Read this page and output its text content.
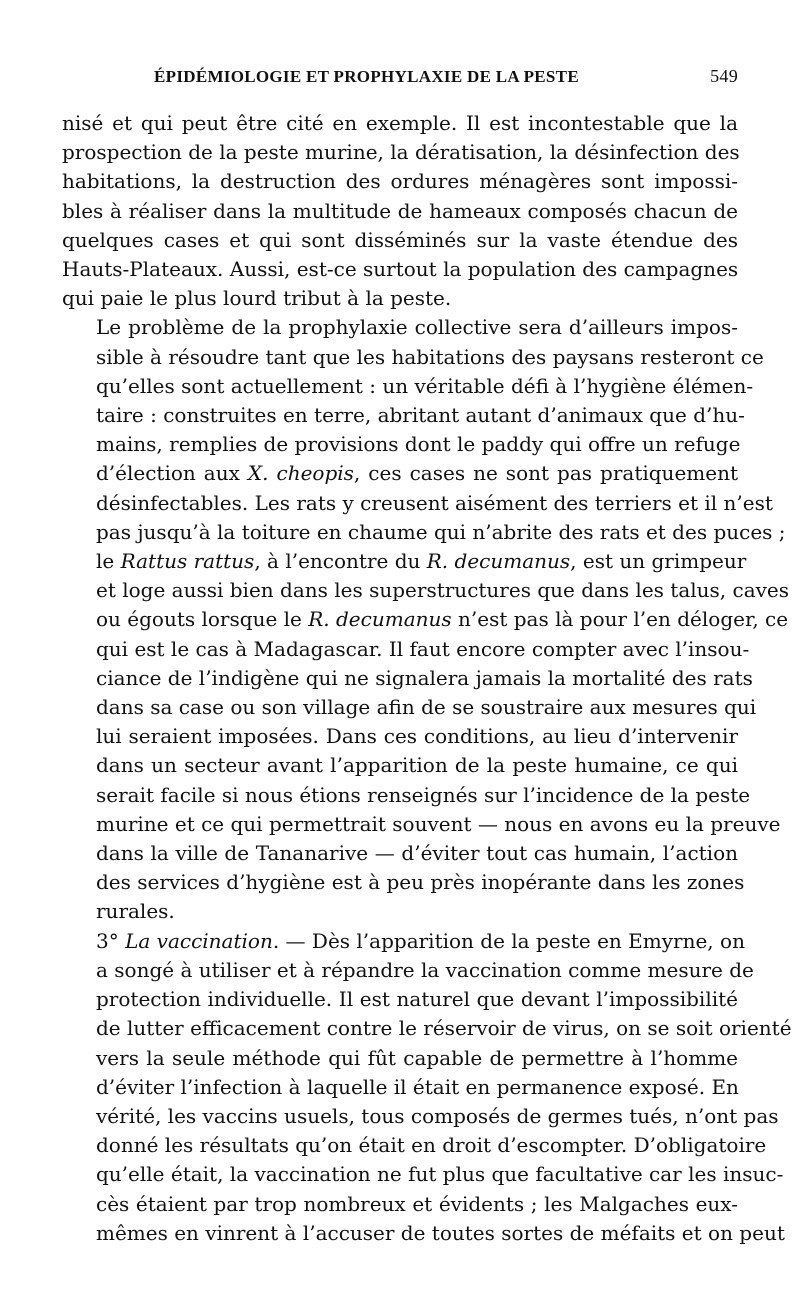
ÉPIDÉMIOLOGIE ET PROPHYLAXIE DE LA PESTE	549

nisé et qui peut être cité en exemple. Il est incontestable que la
prospection de la peste murine, la dératisation, la désinfection des
habitations, la destruction des ordures ménagères sont impossi-
bles à réaliser dans la multitude de hameaux composés chacun de
quelques cases et qui sont disséminés sur la vaste étendue des
Hauts-Plateaux. Aussi, est-ce surtout la population des campagnes
qui paie le plus lourd tribut à la peste.

Le problème de la prophylaxie collective sera d’ailleurs impos-
sible à résoudre tant que les habitations des paysans resteront ce
qu’elles sont actuellement : un véritable défi à l’hygiène élémen-
taire : construites en terre, abritant autant d’animaux que d’hu-
mains, remplies de provisions dont le paddy qui offre un refuge
d’élection aux X. cheopis, ces cases ne sont pas pratiquement
désinfectables. Les rats y creusent aisément des terriers et il n’est
pas jusqu’à la toiture en chaume qui n’abrite des rats et des puces ;
le Rattus rattus, à l’encontre du R. decumanus, est un grimpeur
et loge aussi bien dans les superstructures que dans les talus, caves
ou égouts lorsque le R. decumanus n’est pas là pour l’en déloger, ce
qui est le cas à Madagascar. Il faut encore compter avec l’insou-
ciance de l’indigène qui ne signalera jamais la mortalité des rats
dans sa case ou son village afin de se soustraire aux mesures qui
lui seraient imposées. Dans ces conditions, au lieu d’intervenir
dans un secteur avant l’apparition de la peste humaine, ce qui
serait facile si nous étions renseignés sur l’incidence de la peste
murine et ce qui permettrait souvent — nous en avons eu la preuve
dans la ville de Tananarive — d’éviter tout cas humain, l’action
des services d’hygiène est à peu près inopérante dans les zones
rurales.

3° La vaccination. — Dès l’apparition de la peste en Emyrne, on
a songé à utiliser et à répandre la vaccination comme mesure de
protection individuelle. Il est naturel que devant l’impossibilité
de lutter efficacement contre le réservoir de virus, on se soit orienté
vers la seule méthode qui fût capable de permettre à l’homme
d’éviter l’infection à laquelle il était en permanence exposé. En
vérité, les vaccins usuels, tous composés de germes tués, n’ont pas
donné les résultats qu’on était en droit d’escompter. D’obligatoire
qu’elle était, la vaccination ne fut plus que facultative car les insuc-
cès étaient par trop nombreux et évidents ; les Malgaches eux-
mêmes en vinrent à l’accuser de toutes sortes de méfaits et on peut
